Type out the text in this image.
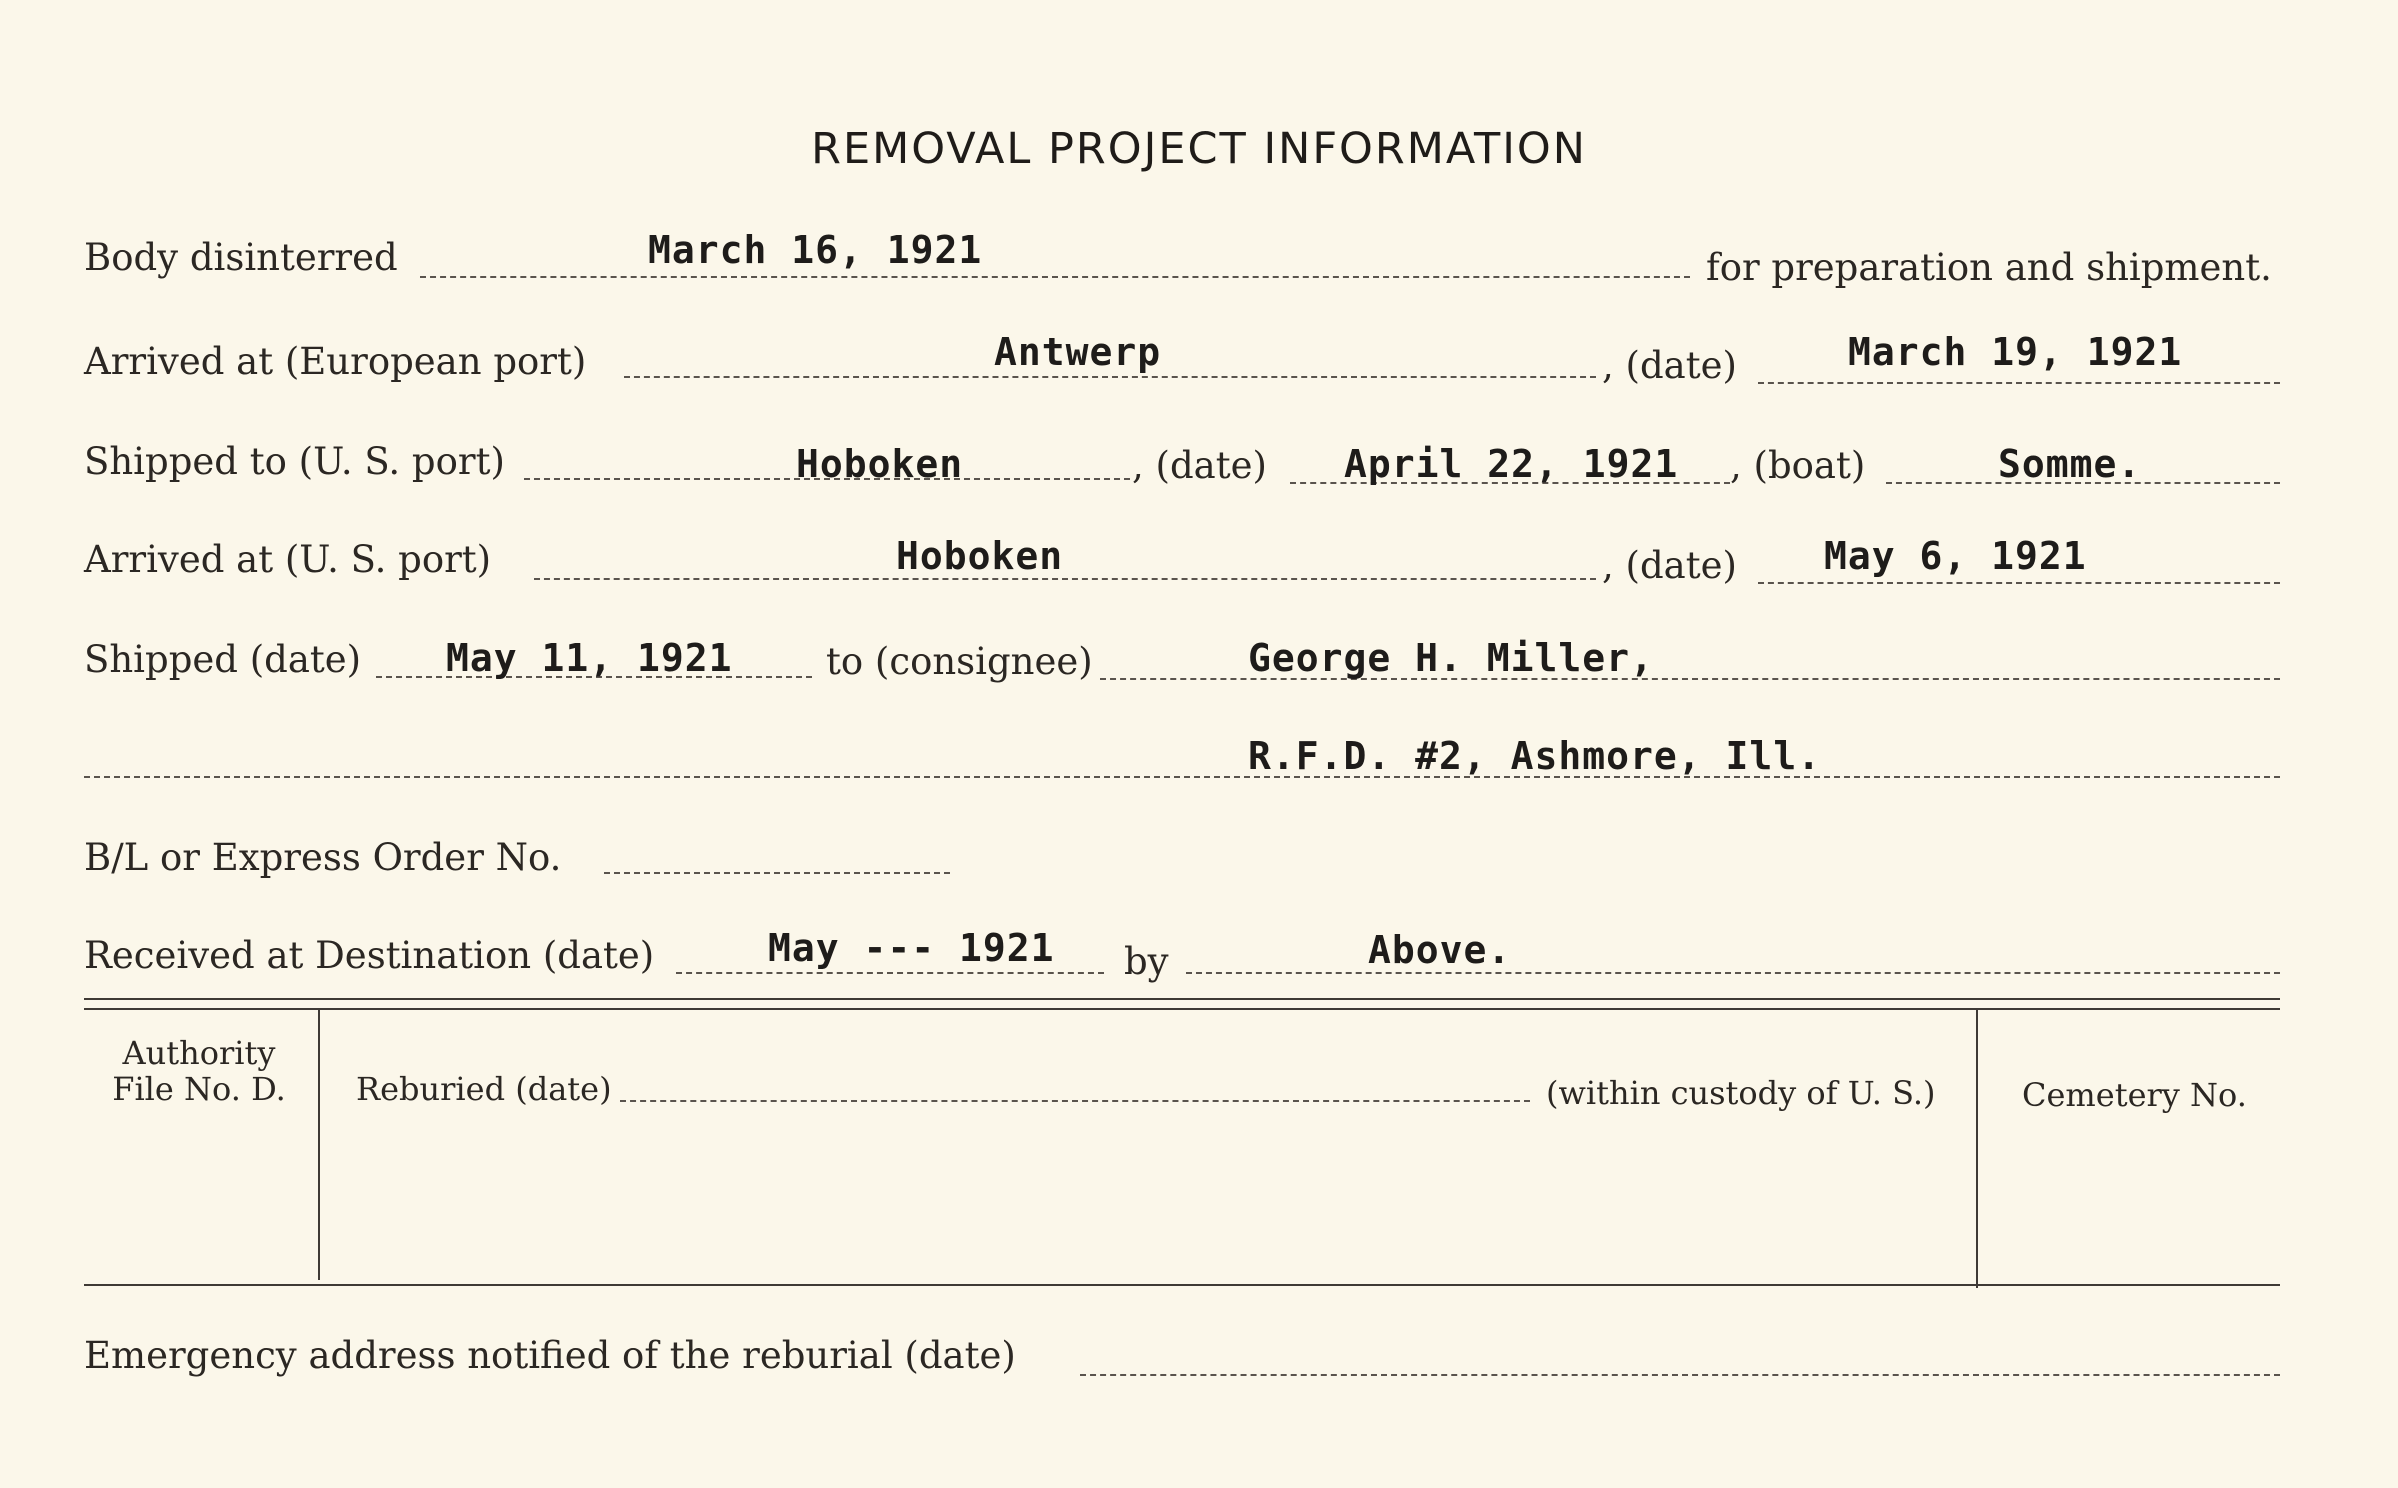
REMOVAL PROJECT INFORMATION
Body disinterred	March 16, 1921	for preparation and shipment.
Arrived at (European port)	Antwerp	, (date)	March 19, 1921
Shipped to (U. S. port)	Hoboken	, (date) April 22, 1921 , (boat)	Somme.
Arrived at (U. S. port)	Hoboken	, (date) May 6, 1921
Shipped (date) May 11, 1921	to (consignee)	George H. Miller,
R.F.D. #2, Ashmore, Ill.
B/L or Express Order No.
Received at Destination (date)	May --- 1921 by	Above.
Authority
File No. D.	Reburied (date)	(within custody of U. S.)	Cemetery No.
Emergency address notified of the reburial (date)
